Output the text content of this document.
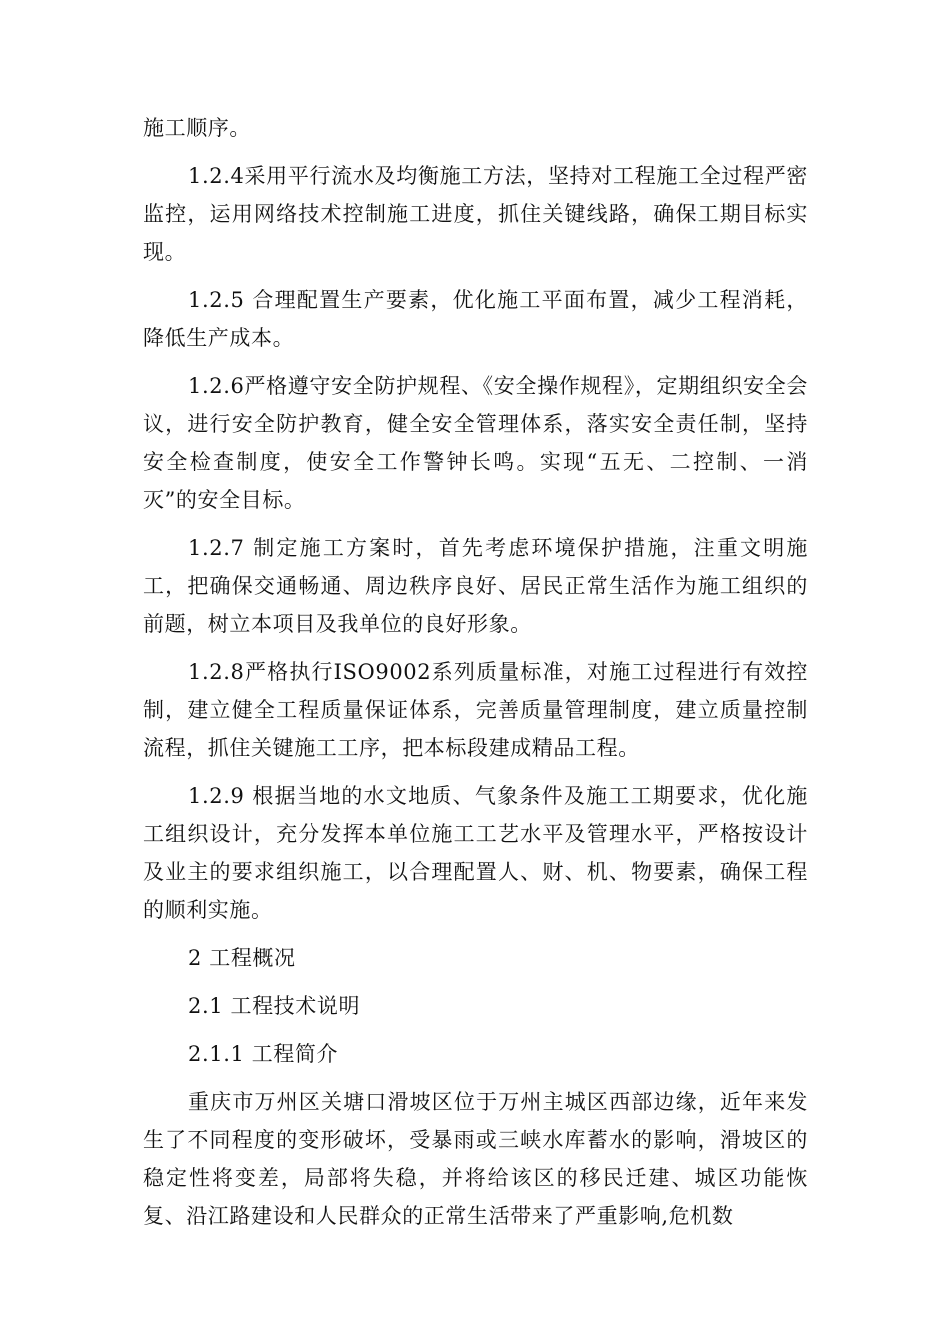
施工顺序。

1.2.4采用平行流水及均衡施工方法，坚持对工程施工全过程严密监控，运用网络技术控制施工进度，抓住关键线路，确保工期目标实现。

1.2.5 合理配置生产要素，优化施工平面布置，减少工程消耗，降低生产成本。

1.2.6严格遵守安全防护规程、《安全操作规程》，定期组织安全会议，进行安全防护教育，健全安全管理体系，落实安全责任制，坚持安全检查制度，使安全工作警钟长鸣。实现“五无、二控制、一消灭”的安全目标。

1.2.7 制定施工方案时，首先考虑环境保护措施，注重文明施工，把确保交通畅通、周边秩序良好、居民正常生活作为施工组织的前题，树立本项目及我单位的良好形象。

1.2.8严格执行ISO9002系列质量标准，对施工过程进行有效控制，建立健全工程质量保证体系，完善质量管理制度，建立质量控制流程，抓住关键施工工序，把本标段建成精品工程。

1.2.9 根据当地的水文地质、气象条件及施工工期要求，优化施工组织设计，充分发挥本单位施工工艺水平及管理水平，严格按设计及业主的要求组织施工，以合理配置人、财、机、物要素，确保工程的顺利实施。

2 工程概况

2.1 工程技术说明

2.1.1 工程简介

重庆市万州区关塘口滑坡区位于万州主城区西部边缘，近年来发生了不同程度的变形破坏，受暴雨或三峡水库蓄水的影响，滑坡区的稳定性将变差，局部将失稳，并将给该区的移民迁建、城区功能恢复、沿江路建设和人民群众的正常生活带来了严重影响,危机数
